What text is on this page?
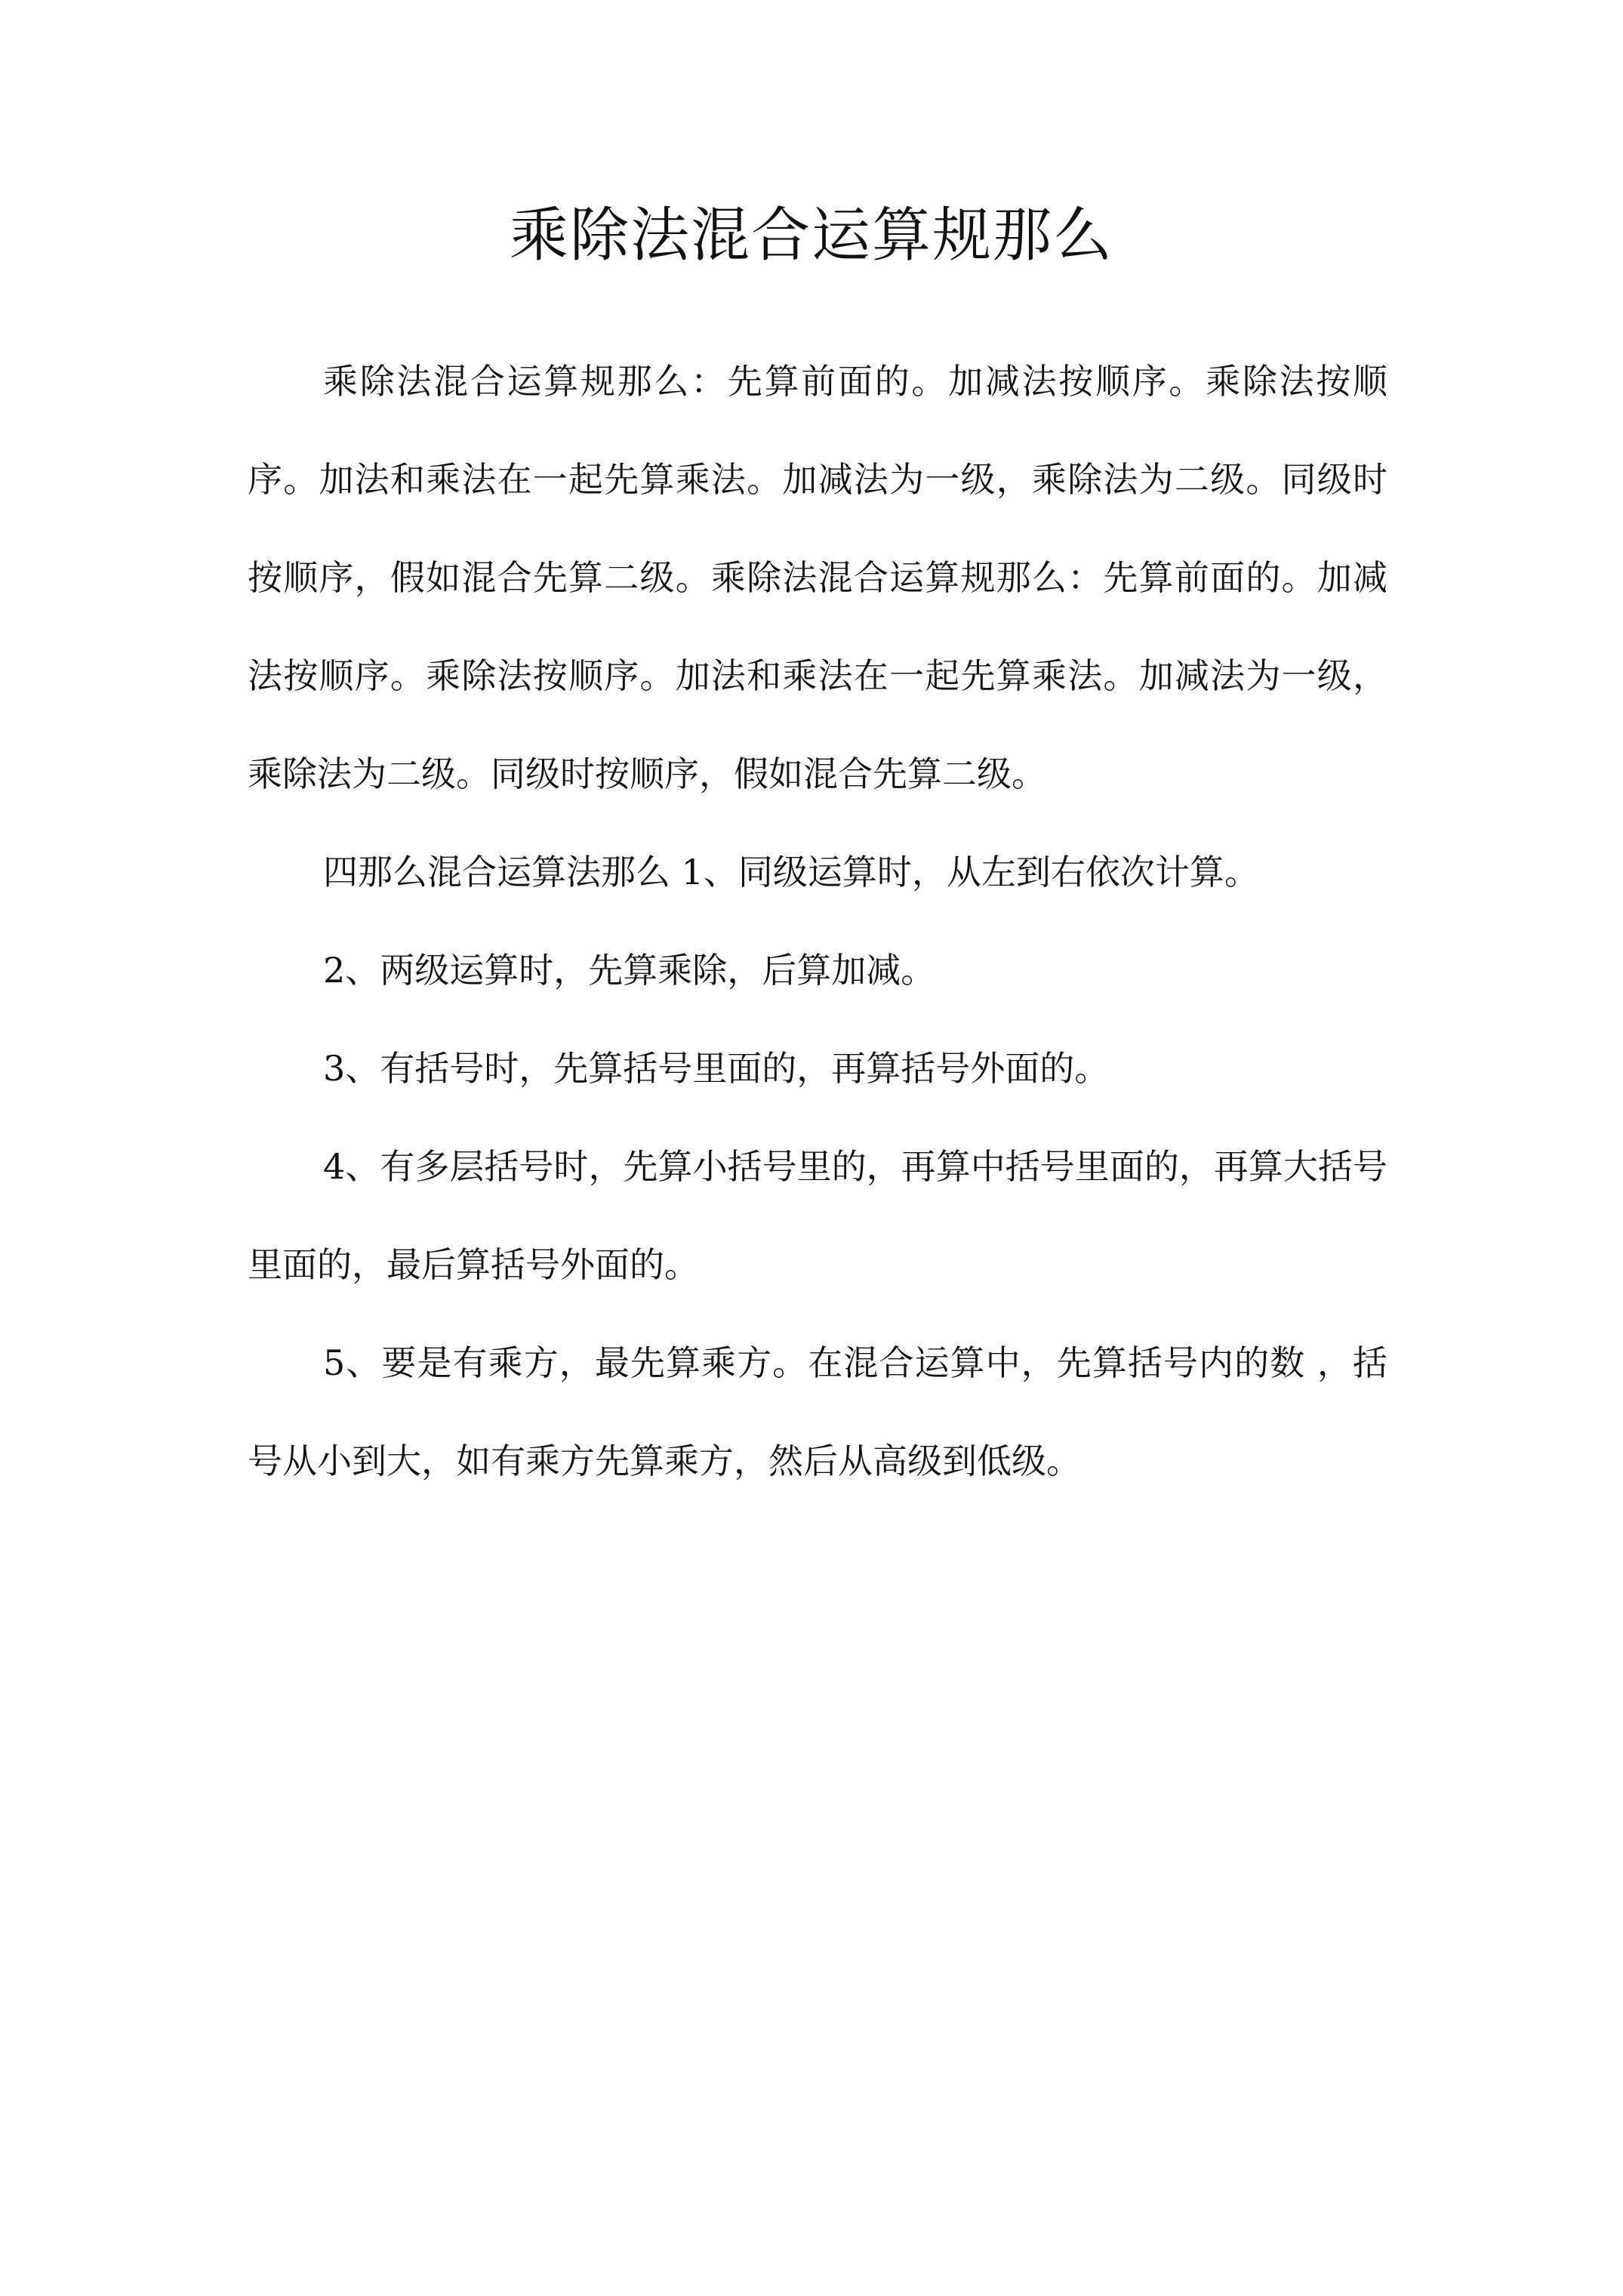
乘除法混合运算规那么

乘除法混合运算规那么：先算前面的。加减法按顺序。乘除法按顺序。加法和乘法在一起先算乘法。加减法为一级，乘除法为二级。同级时按顺序，假如混合先算二级。乘除法混合运算规那么：先算前面的。加减法按顺序。乘除法按顺序。加法和乘法在一起先算乘法。加减法为一级，乘除法为二级。同级时按顺序，假如混合先算二级。

四那么混合运算法那么 1、同级运算时，从左到右依次计算。

2、两级运算时，先算乘除，后算加减。

3、有括号时，先算括号里面的，再算括号外面的。

4、有多层括号时，先算小括号里的，再算中括号里面的，再算大括号里面的，最后算括号外面的。

5、要是有乘方，最先算乘方。在混合运算中，先算括号内的数 ，括号从小到大，如有乘方先算乘方，然后从高级到低级。
